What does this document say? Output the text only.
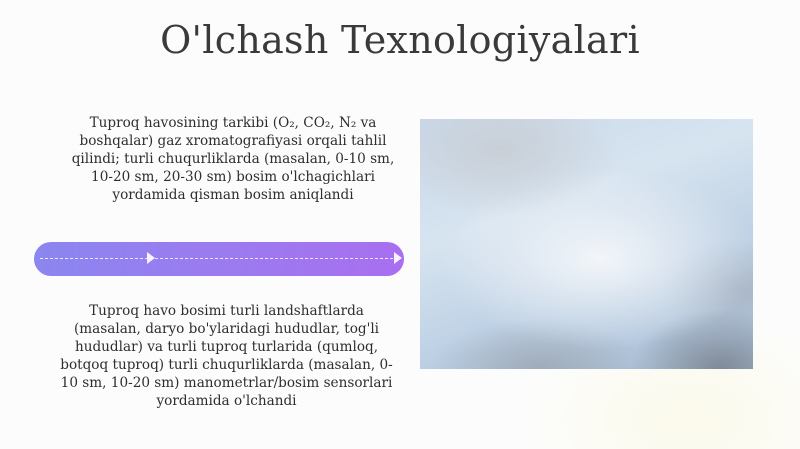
O'lchash Texnologiyalari

Tuproq havosining tarkibi (O₂, CO₂, N₂ va boshqalar) gaz xromatografiyasi orqali tahlil qilindi; turli chuqurliklarda (masalan, 0-10 sm, 10-20 sm, 20-30 sm) bosim o'lchagichlari yordamida qisman bosim aniqlandi

Tuproq havo bosimi turli landshaftlarda (masalan, daryo bo'ylaridagi hududlar, tog'li hududlar) va turli tuproq turlarida (qumloq, botqoq tuproq) turli chuqurliklarda (masalan, 0-10 sm, 10-20 sm) manometrlar/bosim sensorlari yordamida o'lchandi
